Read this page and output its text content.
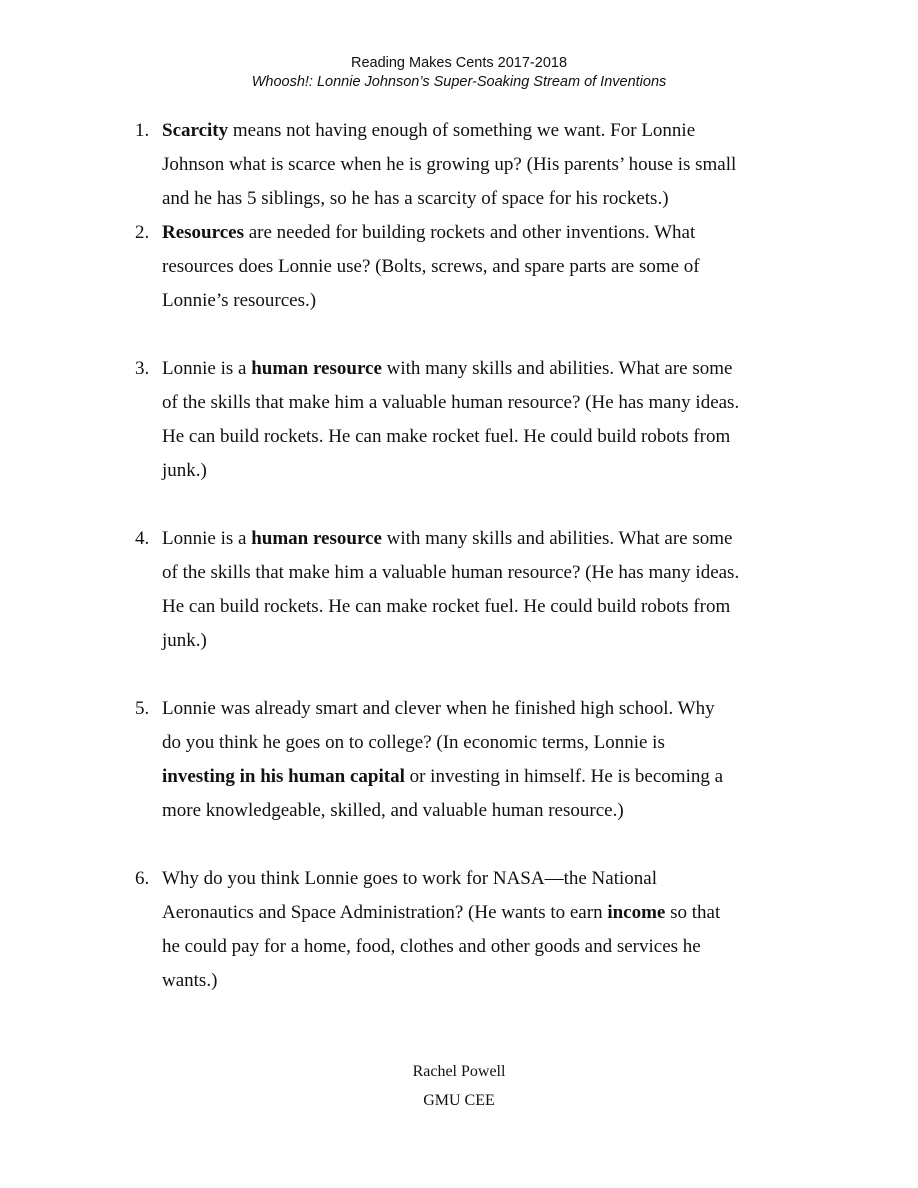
Reading Makes Cents 2017-2018
Whoosh!: Lonnie Johnson’s Super-Soaking Stream of Inventions
1. Scarcity means not having enough of something we want. For Lonnie

Johnson what is scarce when he is growing up? (His parents’ house is small

and he has 5 siblings, so he has a scarcity of space for his rockets.)

2. Resources are needed for building rockets and other inventions. What

resources does Lonnie use? (Bolts, screws, and spare parts are some of

Lonnie’s resources.)

3. Lonnie is a human resource with many skills and abilities. What are some

of the skills that make him a valuable human resource? (He has many ideas.

He can build rockets. He can make rocket fuel. He could build robots from

junk.)

4. Lonnie is a human resource with many skills and abilities. What are some

of the skills that make him a valuable human resource? (He has many ideas.

He can build rockets. He can make rocket fuel. He could build robots from

junk.)

5. Lonnie was already smart and clever when he finished high school. Why

do you think he goes on to college? (In economic terms, Lonnie is

investing in his human capital or investing in himself. He is becoming a

more knowledgeable, skilled, and valuable human resource.)

6. Why do you think Lonnie goes to work for NASA—the National

Aeronautics and Space Administration? (He wants to earn income so that

he could pay for a home, food, clothes and other goods and services he

wants.)

Rachel Powell
GMU CEE
